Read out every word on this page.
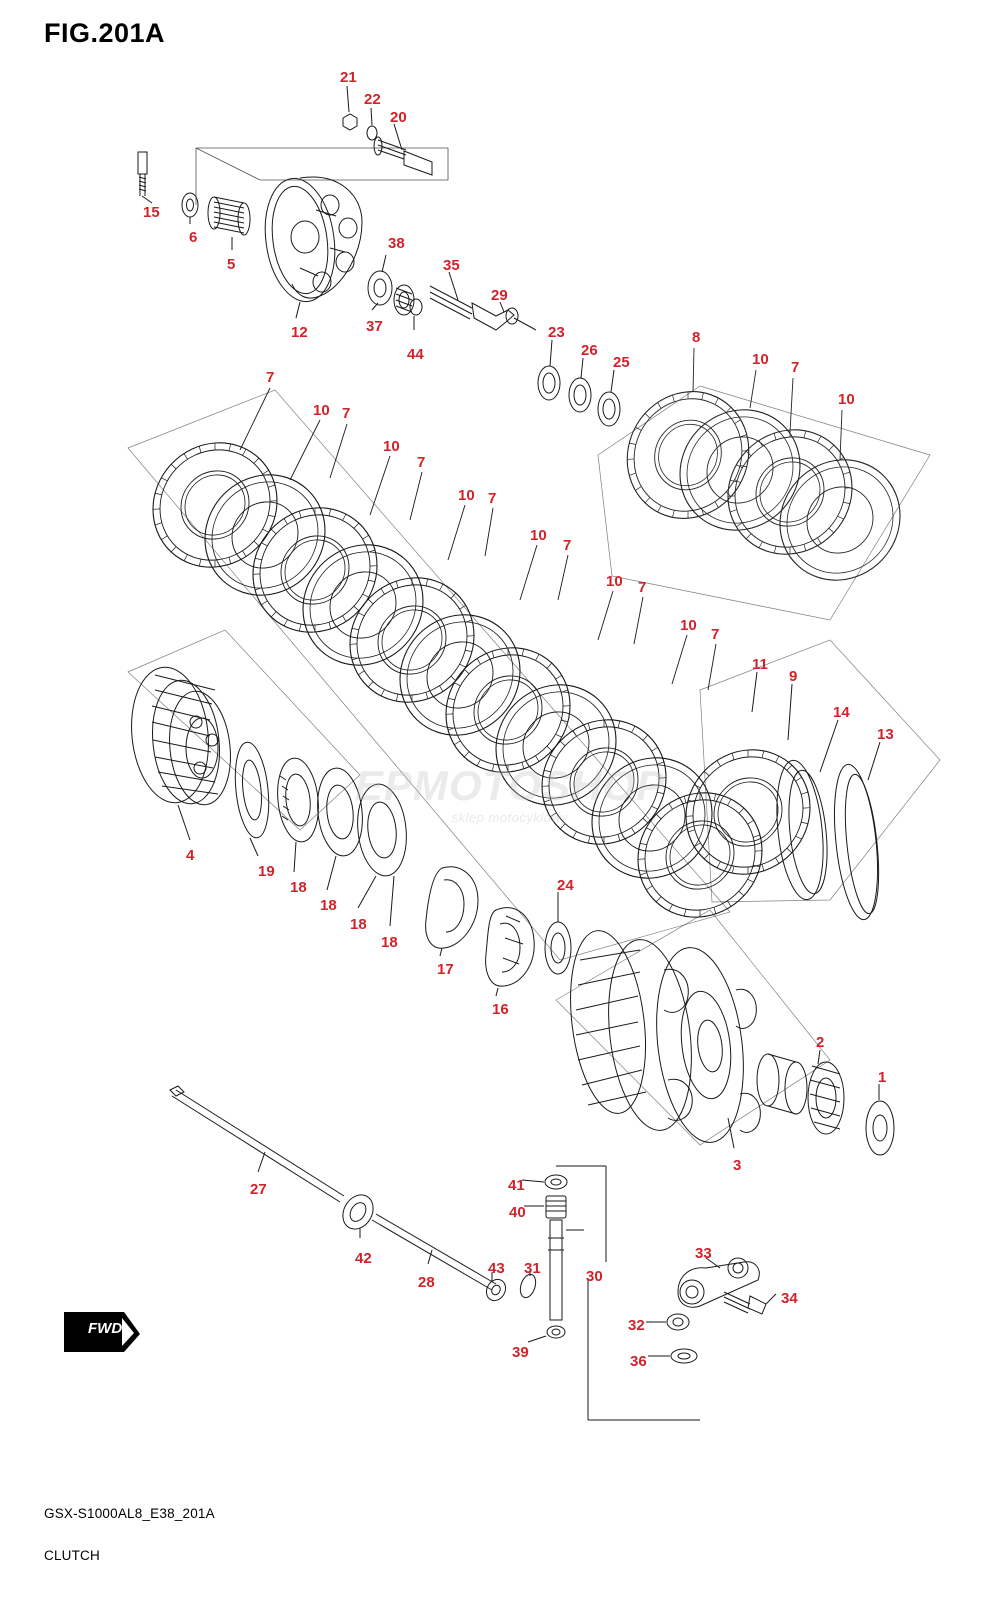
FIG.201A
EPMOTOSHOP
sklep motocyklowy
FWD
21
22
20
15
6
5
12
38
37
44
35
29
23
26
25
8
10 7
10
7
10 7
10
7
10 7
10
7
10 7
10
7
11
9
14
13
4
19
18
18
18
18
17
16
24
2
1
3
27
42
28
43
41
40
31	30
39
33
34
32
36
GSX-S1000AL8_E38_201A
CLUTCH
